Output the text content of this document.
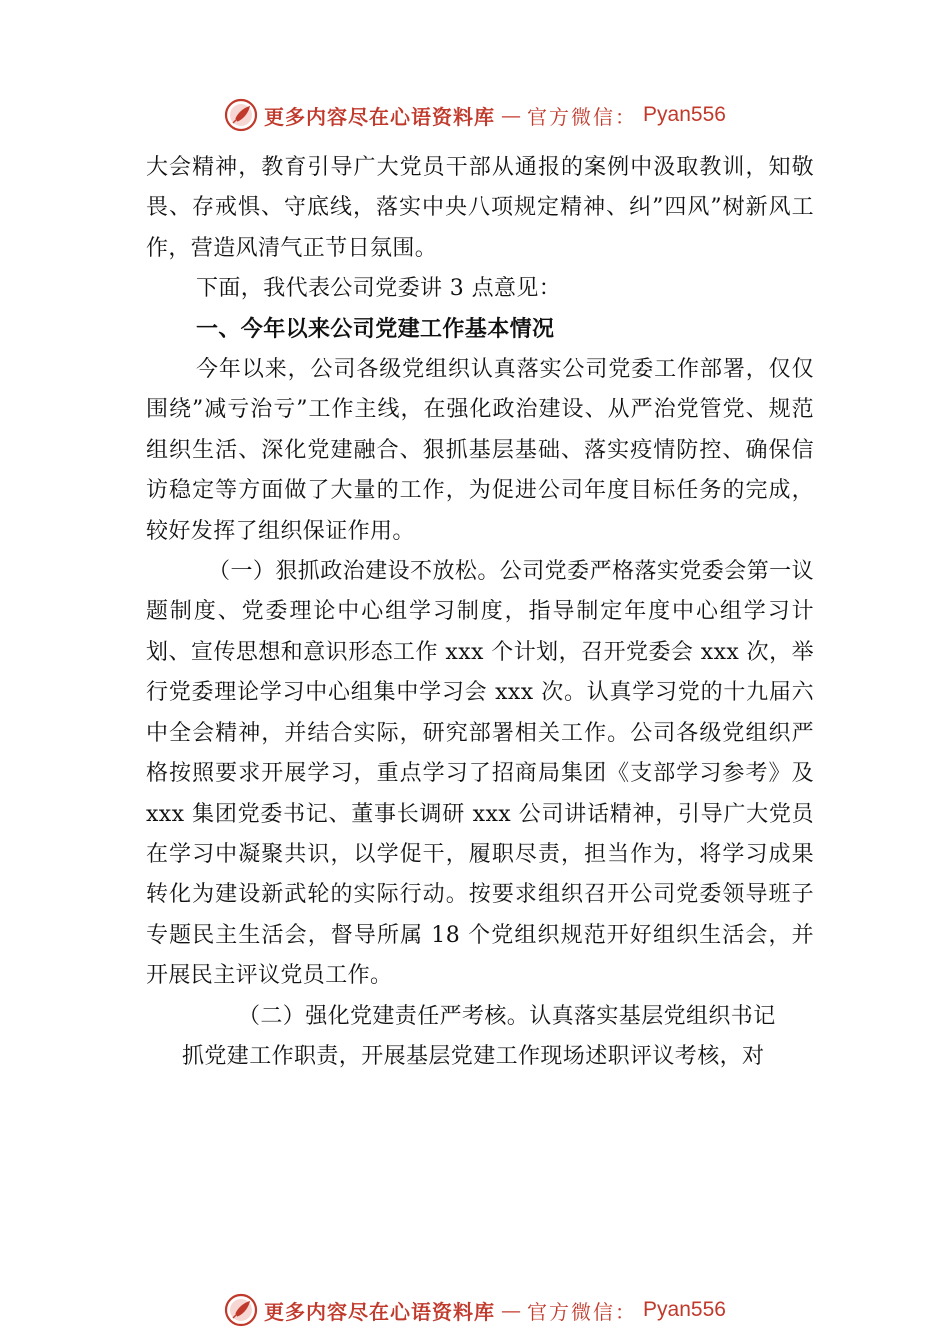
更多内容尽在心语资料库 — 官方微信： Pyan556

大会精神，教育引导广大党员干部从通报的案例中汲取教训，知敬畏、存戒惧、守底线，落实中央八项规定精神、纠”四风”树新风工作，营造风清气正节日氛围。

下面，我代表公司党委讲 3 点意见：

一、今年以来公司党建工作基本情况

今年以来，公司各级党组织认真落实公司党委工作部署，仅仅围绕”减亏治亏”工作主线，在强化政治建设、从严治党管党、规范组织生活、深化党建融合、狠抓基层基础、落实疫情防控、确保信访稳定等方面做了大量的工作，为促进公司年度目标任务的完成，较好发挥了组织保证作用。

（一）狠抓政治建设不放松。公司党委严格落实党委会第一议题制度、党委理论中心组学习制度，指导制定年度中心组学习计划、宣传思想和意识形态工作 xxx 个计划，召开党委会 xxx 次，举行党委理论学习中心组集中学习会 xxx 次。认真学习党的十九届六中全会精神，并结合实际，研究部署相关工作。公司各级党组织严格按照要求开展学习，重点学习了招商局集团《支部学习参考》及 xxx 集团党委书记、董事长调研 xxx 公司讲话精神，引导广大党员在学习中凝聚共识，以学促干，履职尽责，担当作为，将学习成果转化为建设新武轮的实际行动。按要求组织召开公司党委领导班子专题民主生活会，督导所属 18 个党组织规范开好组织生活会，并开展民主评议党员工作。

（二）强化党建责任严考核。认真落实基层党组织书记

抓党建工作职责，开展基层党建工作现场述职评议考核，对

更多内容尽在心语资料库 — 官方微信： Pyan556
